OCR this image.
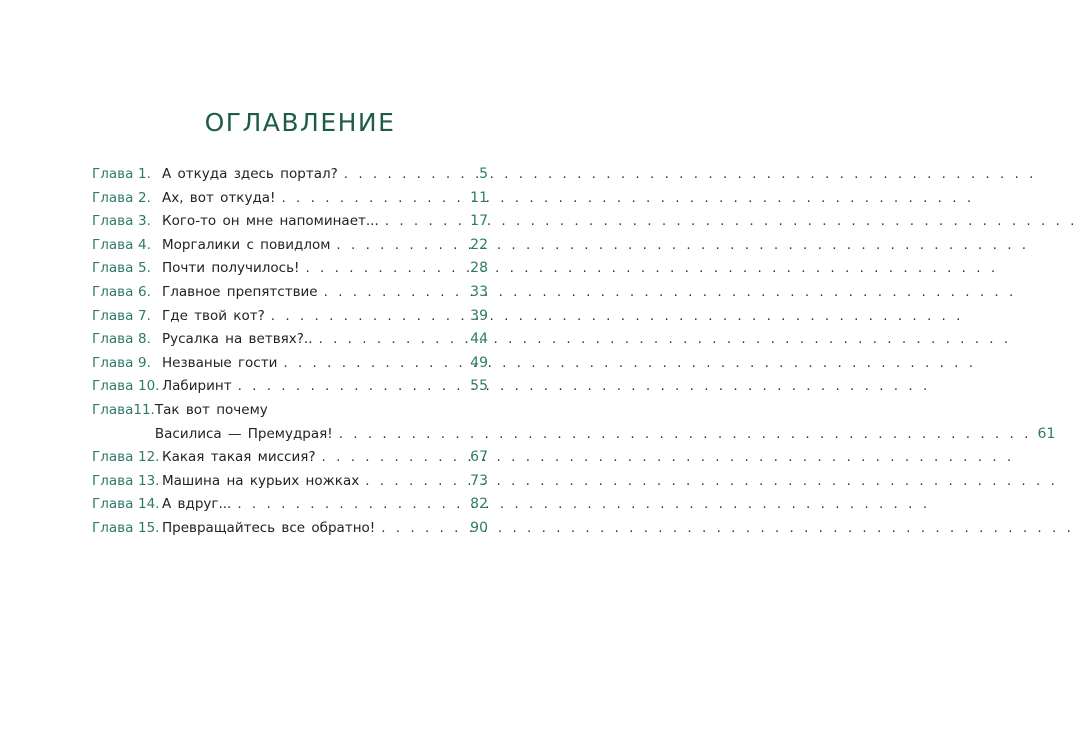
ОГЛАВЛЕНИЕ
Глава 1. А откуда здесь портал? . . .	5
Глава 2. Ах, вот откуда! . . .	11
Глава 3. Кого-то он мне напоминает... . . .	17
Глава 4. Моргалики с повидлом . . .	22
Глава 5. Почти получилось! . . .	28
Глава 6. Главное препятствие . . .	33
Глава 7. Где твой кот? . . .	39
Глава 8. Русалка на ветвях?.. . . .	44
Глава 9. Незваные гости . . .	49
Глава 10. Лабиринт . . .	55
Глава 11. Так вот почему
Василиса — Премудрая! . . .	61
Глава 12. Какая такая миссия? . . .	67
Глава 13. Машина на курьих ножках . . .	73
Глава 14. А вдруг... . . .	82
Глава 15. Превращайтесь все обратно! . . .	90
